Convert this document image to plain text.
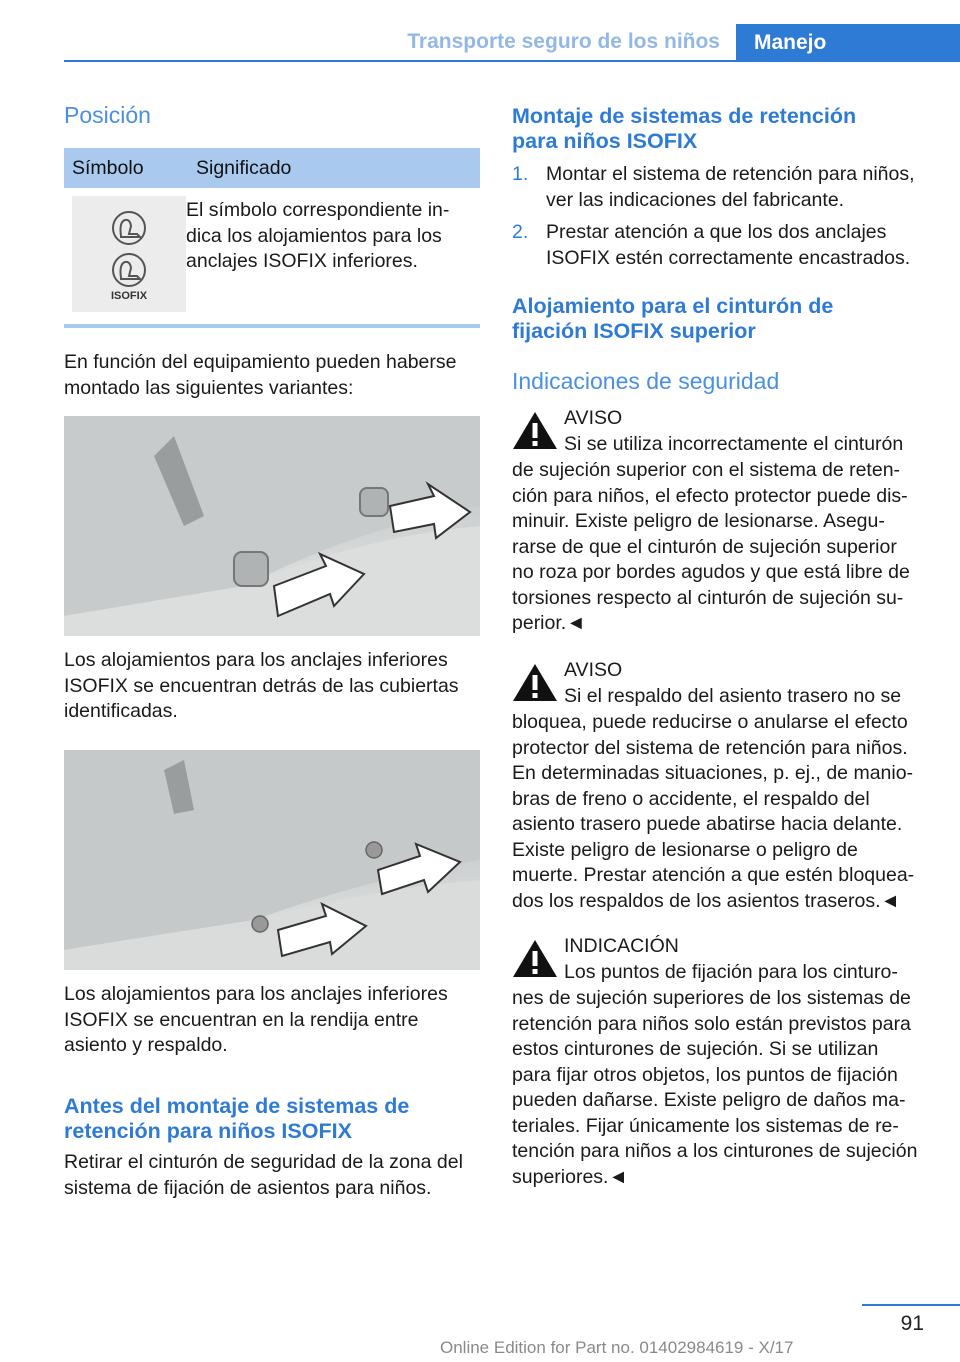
Transporte seguro de los niños	Manejo
Posición
Símbolo	Significado
ISOFIX
El símbolo correspondiente in-
dica los alojamientos para los
anclajes ISOFIX inferiores.
En función del equipamiento pueden haberse
montado las siguientes variantes:
Los alojamientos para los anclajes inferiores
ISOFIX se encuentran detrás de las cubiertas
identificadas.
Los alojamientos para los anclajes inferiores
ISOFIX se encuentran en la rendija entre
asiento y respaldo.
Antes del montaje de sistemas de
retención para niños ISOFIX
Retirar el cinturón de seguridad de la zona del
sistema de fijación de asientos para niños.
Montaje de sistemas de retención
para niños ISOFIX
1. Montar el sistema de retención para niños,
ver las indicaciones del fabricante.
2. Prestar atención a que los dos anclajes
ISOFIX estén correctamente encastrados.
Alojamiento para el cinturón de
fijación ISOFIX superior
Indicaciones de seguridad
AVISO
Si se utiliza incorrectamente el cinturón
de sujeción superior con el sistema de reten-
ción para niños, el efecto protector puede dis-
minuir. Existe peligro de lesionarse. Asegu-
rarse de que el cinturón de sujeción superior
no roza por bordes agudos y que está libre de
torsiones respecto al cinturón de sujeción su-
perior.◄
AVISO
Si el respaldo del asiento trasero no se
bloquea, puede reducirse o anularse el efecto
protector del sistema de retención para niños.
En determinadas situaciones, p. ej., de manio-
bras de freno o accidente, el respaldo del
asiento trasero puede abatirse hacia delante.
Existe peligro de lesionarse o peligro de
muerte. Prestar atención a que estén bloquea-
dos los respaldos de los asientos traseros.◄
INDICACIÓN
Los puntos de fijación para los cinturo-
nes de sujeción superiores de los sistemas de
retención para niños solo están previstos para
estos cinturones de sujeción. Si se utilizan
para fijar otros objetos, los puntos de fijación
pueden dañarse. Existe peligro de daños ma-
teriales. Fijar únicamente los sistemas de re-
tención para niños a los cinturones de sujeción
superiores.◄
91
Online Edition for Part no. 01402984619 - X/17
